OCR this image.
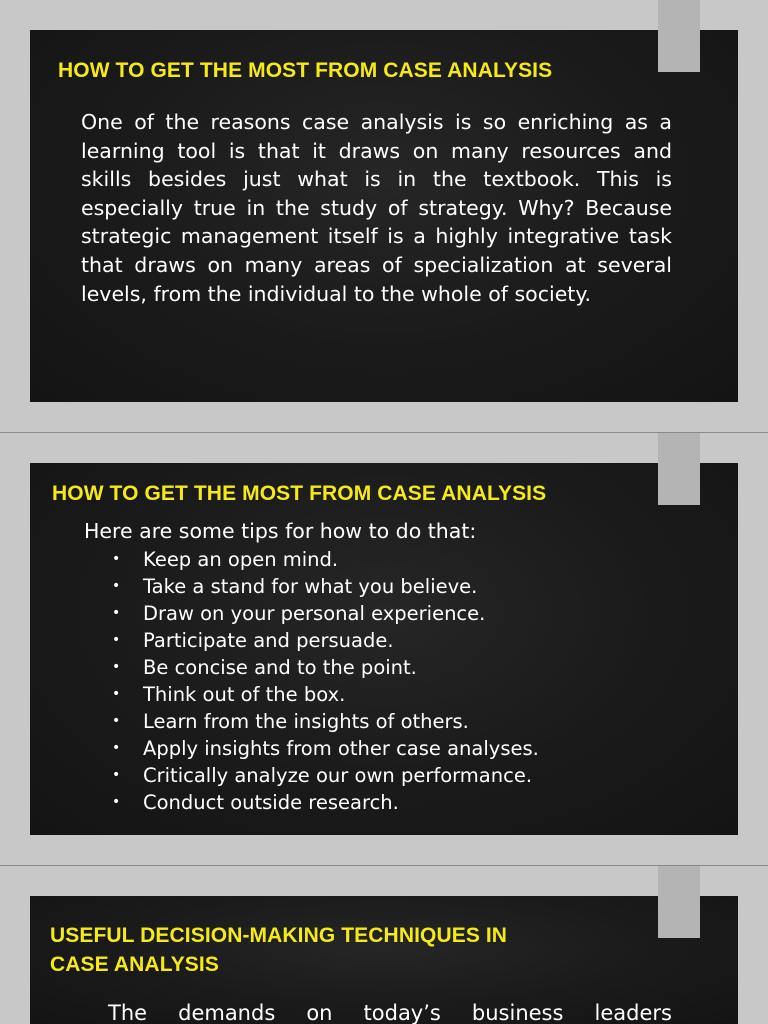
HOW TO GET THE MOST FROM CASE ANALYSIS
One of the reasons case analysis is so enriching as a learning tool is that it draws on many resources and skills besides just what is in the textbook. This is especially true in the study of strategy. Why? Because strategic management itself is a highly integrative task that draws on many areas of specialization at several levels, from the individual to the whole of society.
HOW TO GET THE MOST FROM CASE ANALYSIS
Here are some tips for how to do that:
• Keep an open mind.
• Take a stand for what you believe.
• Draw on your personal experience.
• Participate and persuade.
• Be concise and to the point.
• Think out of the box.
• Learn from the insights of others.
• Apply insights from other case analyses.
• Critically analyze our own performance.
• Conduct outside research.
USEFUL DECISION-MAKING TECHNIQUES IN
CASE ANALYSIS
The demands on today’s business leaders
